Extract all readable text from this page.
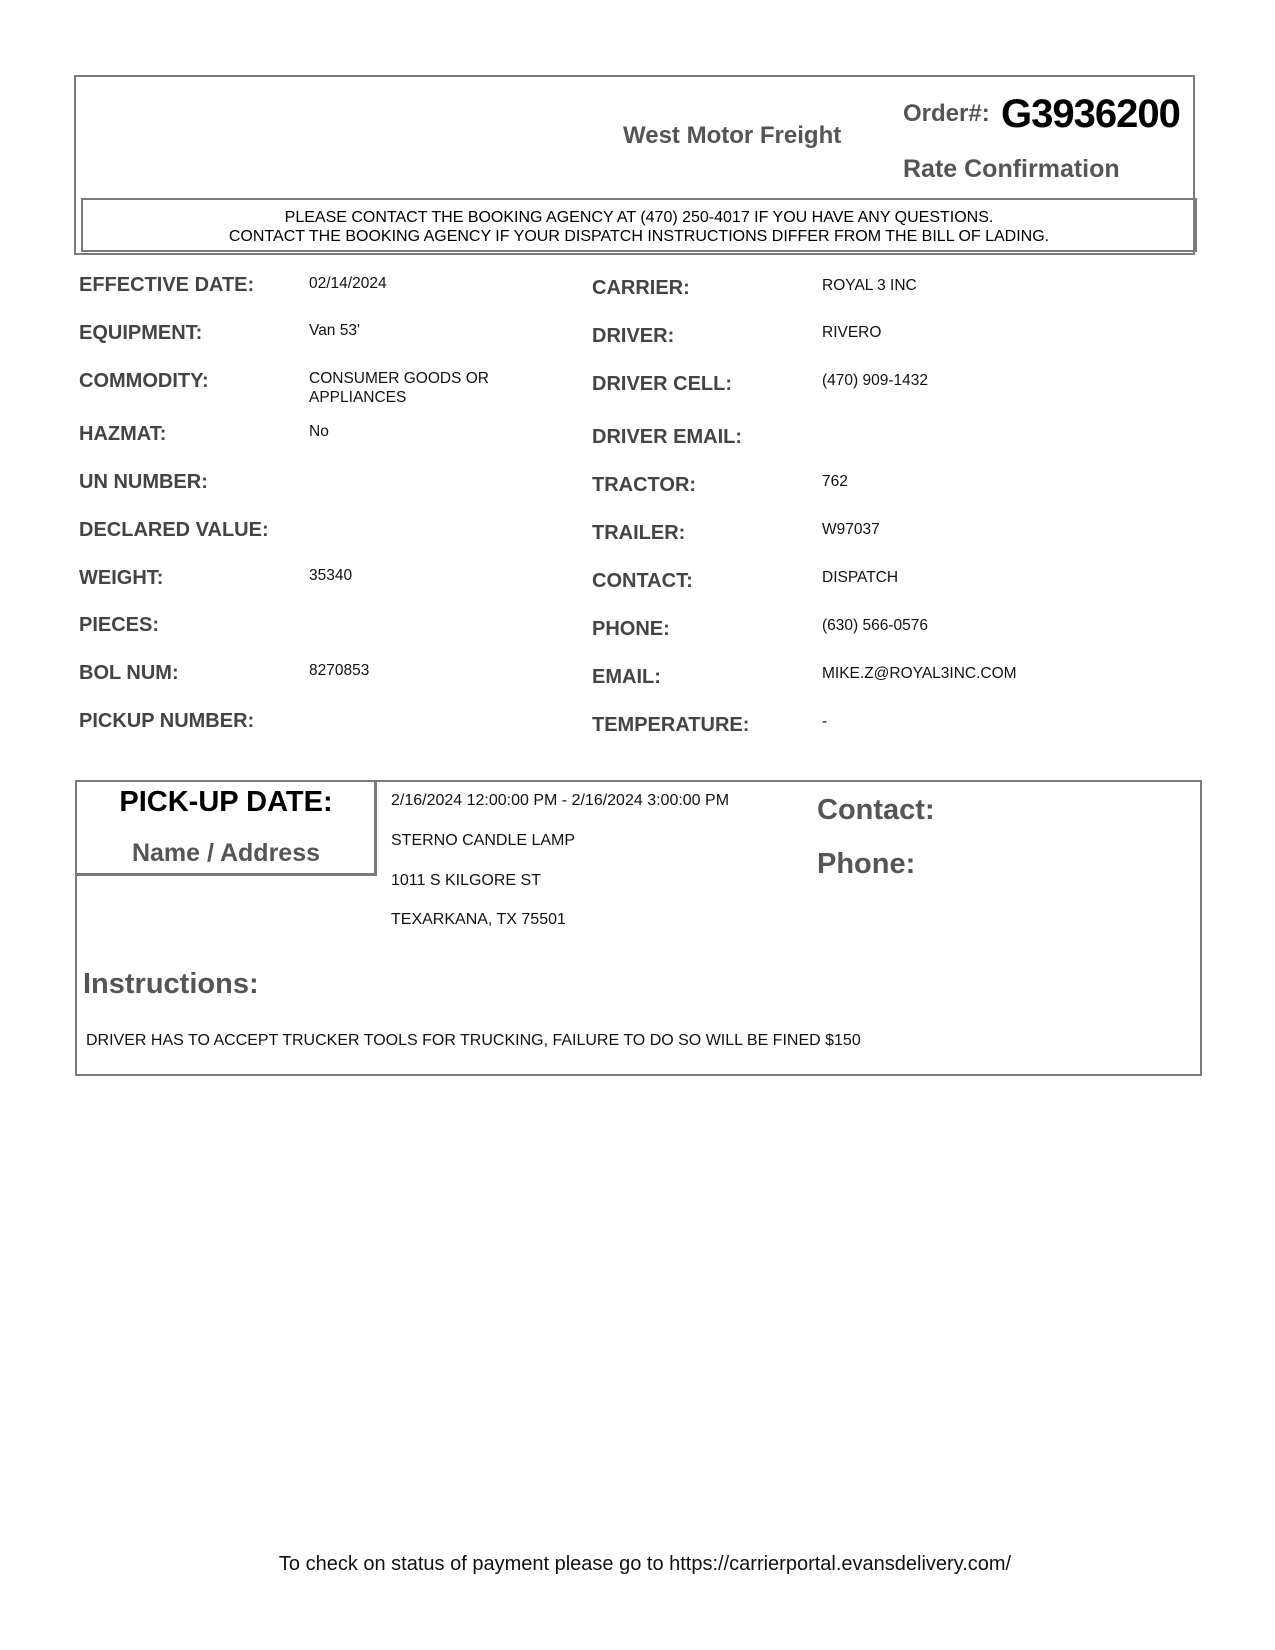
West Motor Freight
Order#: G3936200
Rate Confirmation
PLEASE CONTACT THE BOOKING AGENCY AT (470) 250-4017 IF YOU HAVE ANY QUESTIONS.
CONTACT THE BOOKING AGENCY IF YOUR DISPATCH INSTRUCTIONS DIFFER FROM THE BILL OF LADING.
EFFECTIVE DATE:	02/14/2024
EQUIPMENT:	Van 53'
COMMODITY:	CONSUMER GOODS OR APPLIANCES
HAZMAT:	No
UN NUMBER:
DECLARED VALUE:
WEIGHT:	35340
PIECES:
BOL NUM:	8270853
PICKUP NUMBER:
CARRIER:	ROYAL 3 INC
DRIVER:	RIVERO
DRIVER CELL:	(470) 909-1432
DRIVER EMAIL:
TRACTOR:	762
TRAILER:	W97037
CONTACT:	DISPATCH
PHONE:	(630) 566-0576
EMAIL:	MIKE.Z@ROYAL3INC.COM
TEMPERATURE:	-
PICK-UP DATE:
Name / Address
2/16/2024 12:00:00 PM - 2/16/2024 3:00:00 PM
STERNO CANDLE LAMP
1011 S KILGORE ST
TEXARKANA, TX 75501
Contact:
Phone:
Instructions:
DRIVER HAS TO ACCEPT TRUCKER TOOLS FOR TRUCKING, FAILURE TO DO SO WILL BE FINED $150
To check on status of payment please go to https://carrierportal.evansdelivery.com/
